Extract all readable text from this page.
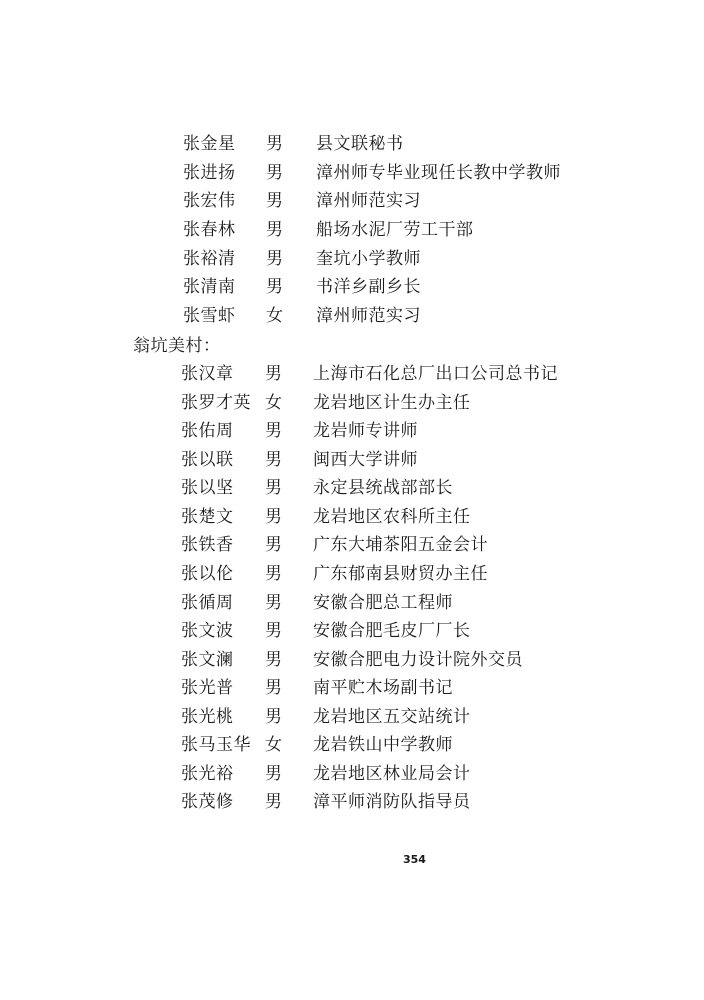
张金星 男 县文联秘书
张进扬 男 漳州师专毕业现任长教中学教师
张宏伟 男 漳州师范实习
张春林 男 船场水泥厂劳工干部
张裕清 男 奎坑小学教师
张清南 男 书洋乡副乡长
张雪虾 女 漳州师范实习
翁坑美村：
张汉章 男 上海市石化总厂出口公司总书记
张罗才英 女 龙岩地区计生办主任
张佑周 男 龙岩师专讲师
张以联 男 闽西大学讲师
张以坚 男 永定县统战部部长
张楚文 男 龙岩地区农科所主任
张铁香 男 广东大埔茶阳五金会计
张以伦 男 广东郁南县财贸办主任
张循周 男 安徽合肥总工程师
张文波 男 安徽合肥毛皮厂厂长
张文澜 男 安徽合肥电力设计院外交员
张光普 男 南平贮木场副书记
张光桃 男 龙岩地区五交站统计
张马玉华 女 龙岩铁山中学教师
张光裕 男 龙岩地区林业局会计
张茂修 男 漳平师消防队指导员
354
